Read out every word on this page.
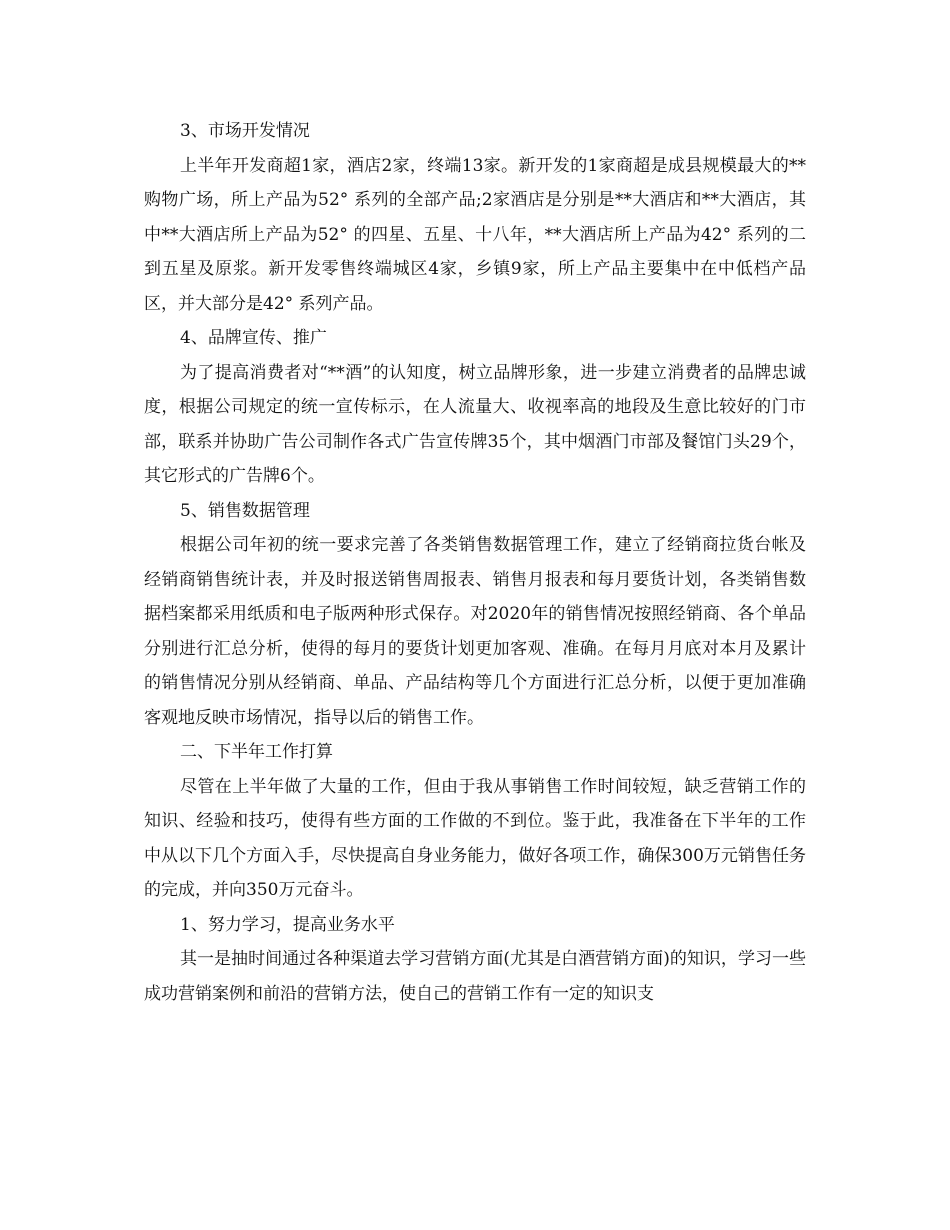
3、市场开发情况

上半年开发商超1家，酒店2家，终端13家。新开发的1家商超是成县规模最大的**购物广场，所上产品为52° 系列的全部产品;2家酒店是分别是**大酒店和**大酒店，其中**大酒店所上产品为52° 的四星、五星、十八年，**大酒店所上产品为42° 系列的二到五星及原浆。新开发零售终端城区4家，乡镇9家，所上产品主要集中在中低档产品区，并大部分是42° 系列产品。

4、品牌宣传、推广

为了提高消费者对“**酒”的认知度，树立品牌形象，进一步建立消费者的品牌忠诚度，根据公司规定的统一宣传标示，在人流量大、收视率高的地段及生意比较好的门市部，联系并协助广告公司制作各式广告宣传牌35个，其中烟酒门市部及餐馆门头29个，其它形式的广告牌6个。

5、销售数据管理

根据公司年初的统一要求完善了各类销售数据管理工作，建立了经销商拉货台帐及经销商销售统计表，并及时报送销售周报表、销售月报表和每月要货计划，各类销售数据档案都采用纸质和电子版两种形式保存。对2020年的销售情况按照经销商、各个单品分别进行汇总分析，使得的每月的要货计划更加客观、准确。在每月月底对本月及累计的销售情况分别从经销商、单品、产品结构等几个方面进行汇总分析，以便于更加准确客观地反映市场情况，指导以后的销售工作。

二、下半年工作打算

尽管在上半年做了大量的工作，但由于我从事销售工作时间较短，缺乏营销工作的知识、经验和技巧，使得有些方面的工作做的不到位。鉴于此，我准备在下半年的工作中从以下几个方面入手，尽快提高自身业务能力，做好各项工作，确保300万元销售任务的完成，并向350万元奋斗。

1、努力学习，提高业务水平

其一是抽时间通过各种渠道去学习营销方面(尤其是白酒营销方面)的知识，学习一些成功营销案例和前沿的营销方法，使自己的营销工作有一定的知识支
